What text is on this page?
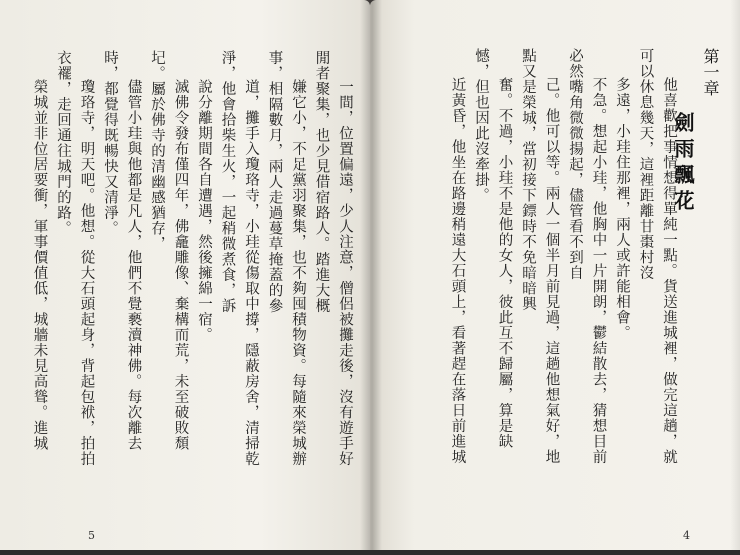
一間，位置偏遠，少人注意，僧侶被攤走後，沒有遊手好閒者聚集，也少見借宿路人。踏進大概

嫌它小，不足黨羽聚集，也不夠囤積物資。每隨來榮城辦事，相隔數月，兩人走過蔓草掩蓋的參

道，攤手入瓊珞寺，小珪從傷取中撐，隱蔽房舍，清掃乾淨，他會拾柴生火，一起稍微煮食，訴

說分離期間各自遭遇，然後擁綿一宿。

滅佛令發布僅四年，佛龕雕像、棄構而荒，未至破敗頹圮。屬於佛寺的清幽感猶存，

儘管小珪與他都是凡人，他們不覺褻瀆神佛。每次離去時，都覺得既暢快又清淨。

瓊珞寺，明天吧。他想。從大石頭起身，背起包袱，拍拍衣襬，走回通往城門的路。

榮城並非位居要衝，軍事價值低，城牆未見高聳。進城

5
第一章
劍雨飄花

他喜歡把事情想得單純一點。貨送進城裡，做完這趟，就可以休息幾天，這裡距離甘棗村沒

多遠，小珪住那裡，兩人或許能相會。

不急。想起小珪，他胸中一片開朗，鬱結散去，猜想目前必然嘴角微微揚起，儘管看不到自

己。他可以等。兩人一個半月前見過，這趟他想氣好，地點又是榮城，當初接下鏢時不免暗暗興

奮。不過，小珪不是他的女人，彼此互不歸屬，算是缺憾，但也因此沒牽掛。

近黃昏，他坐在路邊稍遠大石頭上，看著趕在落日前進城

4
